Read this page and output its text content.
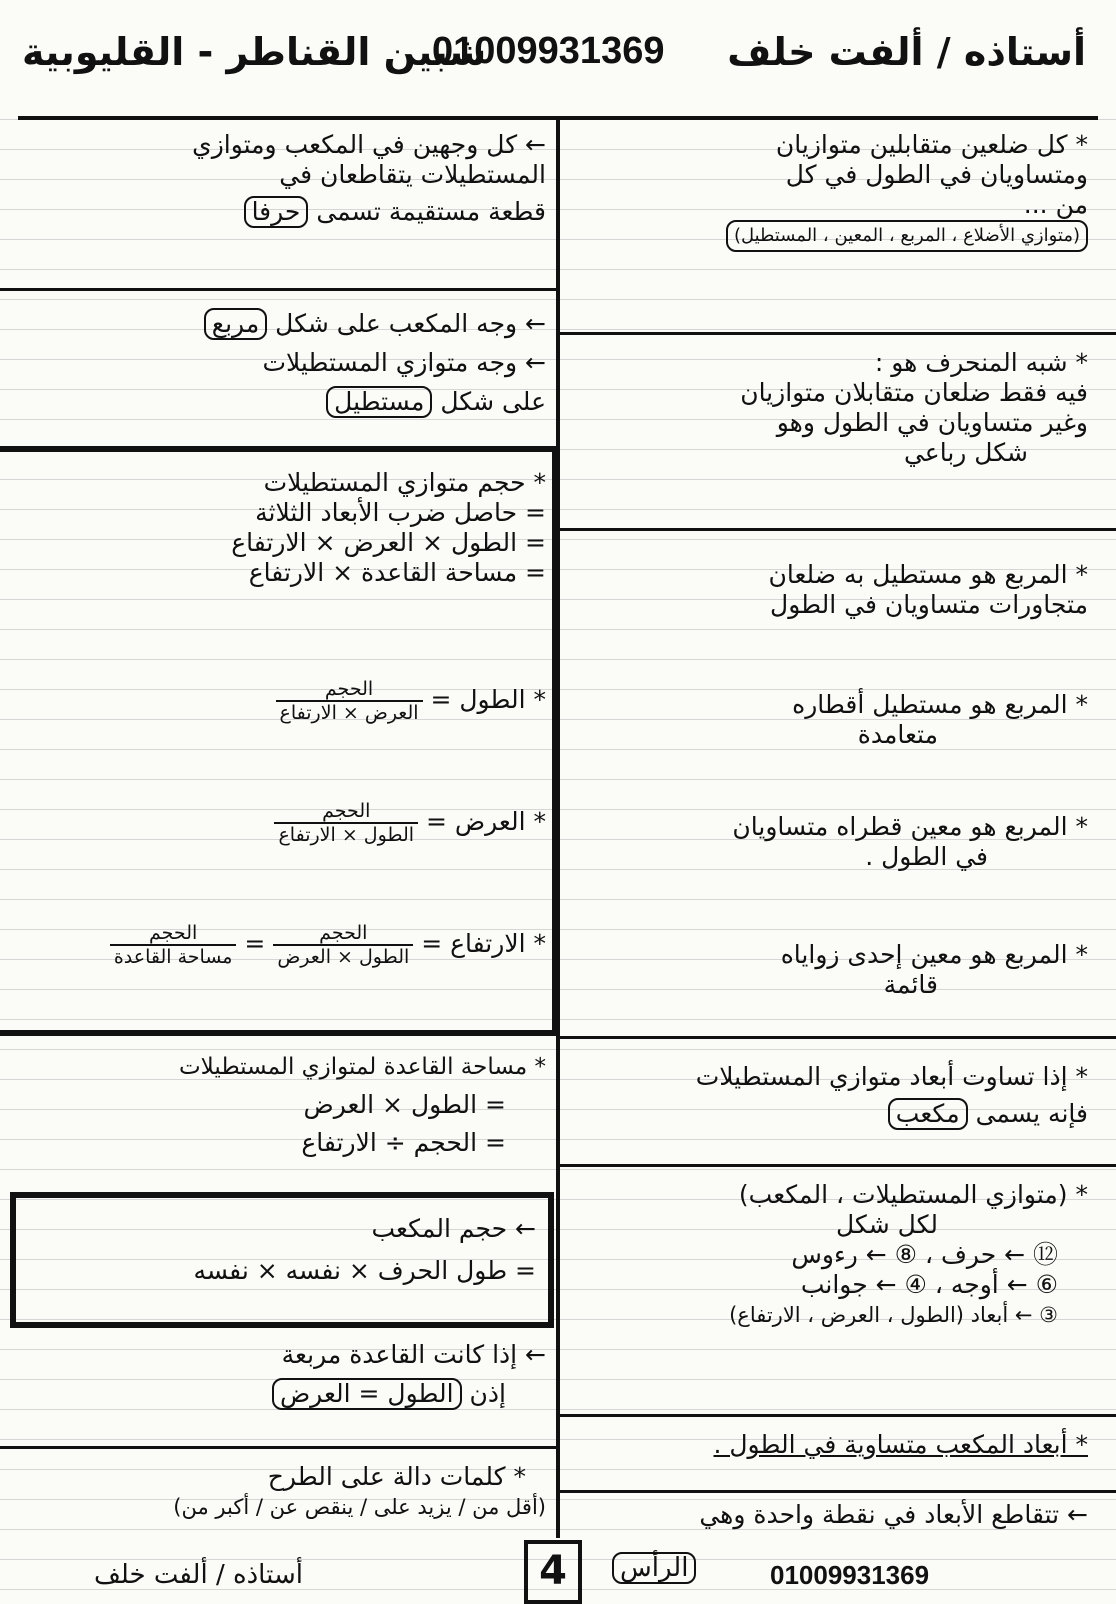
شبين القناطر - القليوبية
01009931369 أستاذه / ألفت خلف
* كل ضلعين متقابلين متوازيان
ومتساويان في الطول في كل
من ...
(متوازي الأضلاع ، المربع ، المعين ، المستطيل)
* شبه المنحرف هو :
فيه فقط ضلعان متقابلان متوازيان
وغير متساويان في الطول وهو
شكل رباعي
* المربع هو مستطيل به ضلعان
متجاورات متساويان في الطول
* المربع هو مستطيل أقطاره
متعامدة
* المربع هو معين قطراه متساويان
في الطول .
* المربع هو معين إحدى زواياه
قائمة
* إذا تساوت أبعاد متوازي المستطيلات
فإنه يسمى مكعب
* (متوازي المستطيلات ، المكعب)
لكل شكل
⑫ ← حرف ، ⑧ ← رءوس
⑥ ← أوجه ، ④ ← جوانب
③ ← أبعاد (الطول ، العرض ، الارتفاع)
* أبعاد المكعب متساوية في الطول .
← تتقاطع الأبعاد في نقطة واحدة وهي
← كل وجهين في المكعب ومتوازي
المستطيلات يتقاطعان في
قطعة مستقيمة تسمى حرفا
← وجه المكعب على شكل مربع
← وجه متوازي المستطيلات
على شكل مستطيل
* حجم متوازي المستطيلات
= حاصل ضرب الأبعاد الثلاثة
= الطول × العرض × الارتفاع
= مساحة القاعدة × الارتفاع
* الطول =
$\frac{\text{الحجم}}{\text{العرض × الارتفاع}}$
* العرض =
$\frac{\text{الحجم}}{\text{الطول × الارتفاع}}$
* الارتفاع =
$\frac{\text{الحجم}}{\text{الطول × العرض}}$
=
$\frac{\text{الحجم}}{\text{مساحة القاعدة}}$
* مساحة القاعدة لمتوازي المستطيلات
= الطول × العرض
= الحجم ÷ الارتفاع
← حجم المكعب
= طول الحرف × نفسه × نفسه
← إذا كانت القاعدة مربعة
إذن الطول = العرض
* كلمات دالة على الطرح
(أقل من / يزيد على / ينقص عن / أكبر من)
الرأس
أستاذه / ألفت خلف	4	01009931369
